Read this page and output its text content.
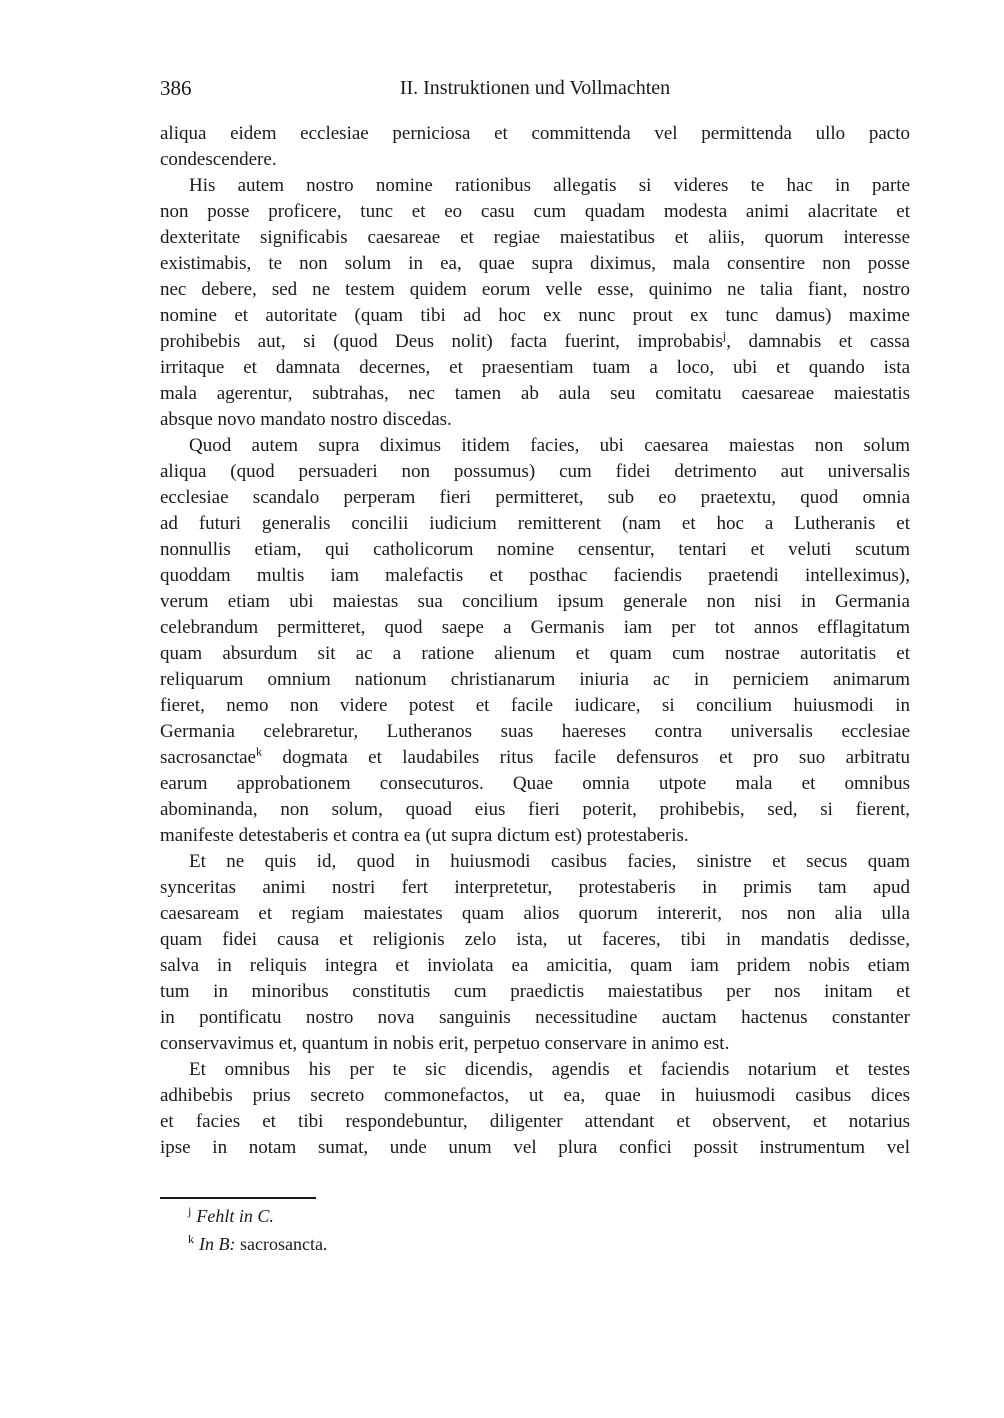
386	II. Instruktionen und Vollmachten
aliqua eidem ecclesiae perniciosa et committenda vel permittenda ullo pacto
condescendere.
His autem nostro nomine rationibus allegatis si videres te hac in parte
non posse proficere, tunc et eo casu cum quadam modesta animi alacritate et
dexteritate significabis caesareae et regiae maiestatibus et aliis, quorum interesse
existimabis, te non solum in ea, quae supra diximus, mala consentire non posse
nec debere, sed ne testem quidem eorum velle esse, quinimo ne talia fiant, nostro
nomine et autoritate (quam tibi ad hoc ex nunc prout ex tunc damus) maxime
prohibebis aut, si (quod Deus nolit) facta fuerint, improbabis$^j$, damnabis et cassa
irritaque et damnata decernes, et praesentiam tuam a loco, ubi et quando ista
mala agerentur, subtrahas, nec tamen ab aula seu comitatu caesareae maiestatis
absque novo mandato nostro discedas.
Quod autem supra diximus itidem facies, ubi caesarea maiestas non solum
aliqua (quod persuaderi non possumus) cum fidei detrimento aut universalis
ecclesiae scandalo perperam fieri permitteret, sub eo praetextu, quod omnia
ad futuri generalis concilii iudicium remitterent (nam et hoc a Lutheranis et
nonnullis etiam, qui catholicorum nomine censentur, tentari et veluti scutum
quoddam multis iam malefactis et posthac faciendis praetendi intelleximus),
verum etiam ubi maiestas sua concilium ipsum generale non nisi in Germania
celebrandum permitteret, quod saepe a Germanis iam per tot annos efflagitatum
quam absurdum sit ac a ratione alienum et quam cum nostrae autoritatis et
reliquarum omnium nationum christianarum iniuria ac in perniciem animarum
fieret, nemo non videre potest et facile iudicare, si concilium huiusmodi in
Germania celebraretur, Lutheranos suas haereses contra universalis ecclesiae
sacrosanctae$^k$ dogmata et laudabiles ritus facile defensuros et pro suo arbitratu
earum approbationem consecuturos. Quae omnia utpote mala et omnibus
abominanda, non solum, quoad eius fieri poterit, prohibebis, sed, si fierent,
manifeste detestaberis et contra ea (ut supra dictum est) protestaberis.
Et ne quis id, quod in huiusmodi casibus facies, sinistre et secus quam
synceritas animi nostri fert interpretetur, protestaberis in primis tam apud
caesaream et regiam maiestates quam alios quorum intererit, nos non alia ulla
quam fidei causa et religionis zelo ista, ut faceres, tibi in mandatis dedisse,
salva in reliquis integra et inviolata ea amicitia, quam iam pridem nobis etiam
tum in minoribus constitutis cum praedictis maiestatibus per nos initam et
in pontificatu nostro nova sanguinis necessitudine auctam hactenus constanter
conservavimus et, quantum in nobis erit, perpetuo conservare in animo est.
Et omnibus his per te sic dicendis, agendis et faciendis notarium et testes
adhibebis prius secreto commonefactos, ut ea, quae in huiusmodi casibus dices
et facies et tibi respondebuntur, diligenter attendant et observent, et notarius
ipse in notam sumat, unde unum vel plura confici possit instrumentum vel
$^j$ Fehlt in C.
$^k$ In B: sacrosancta.
